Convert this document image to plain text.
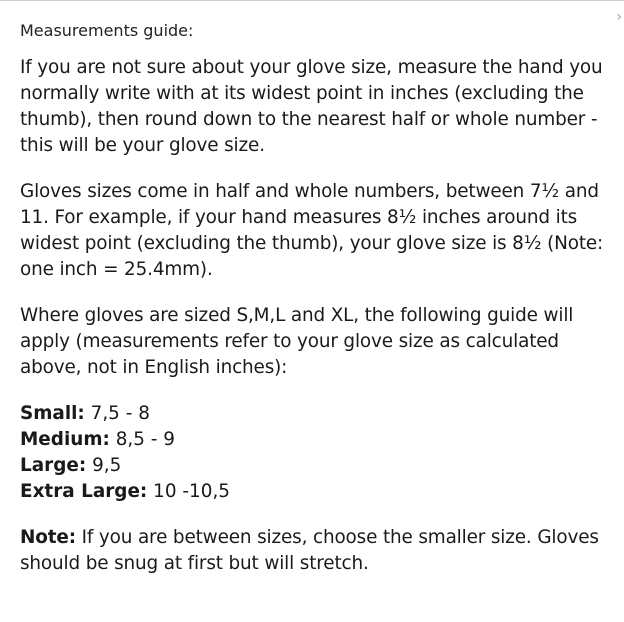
›
Measurements guide:

If you are not sure about your glove size, measure the hand you normally write with at its widest point in inches (excluding the thumb), then round down to the nearest half or whole number - this will be your glove size.

Gloves sizes come in half and whole numbers, between 7½ and 11. For example, if your hand measures 8½ inches around its widest point (excluding the thumb), your glove size is 8½ (Note: one inch = 25.4mm).

Where gloves are sized S,M,L and XL, the following guide will apply (measurements refer to your glove size as calculated above, not in English inches):

Small: 7,5 - 8
Medium: 8,5 - 9
Large: 9,5
Extra Large: 10 -10,5

Note: If you are between sizes, choose the smaller size. Gloves should be snug at first but will stretch.
